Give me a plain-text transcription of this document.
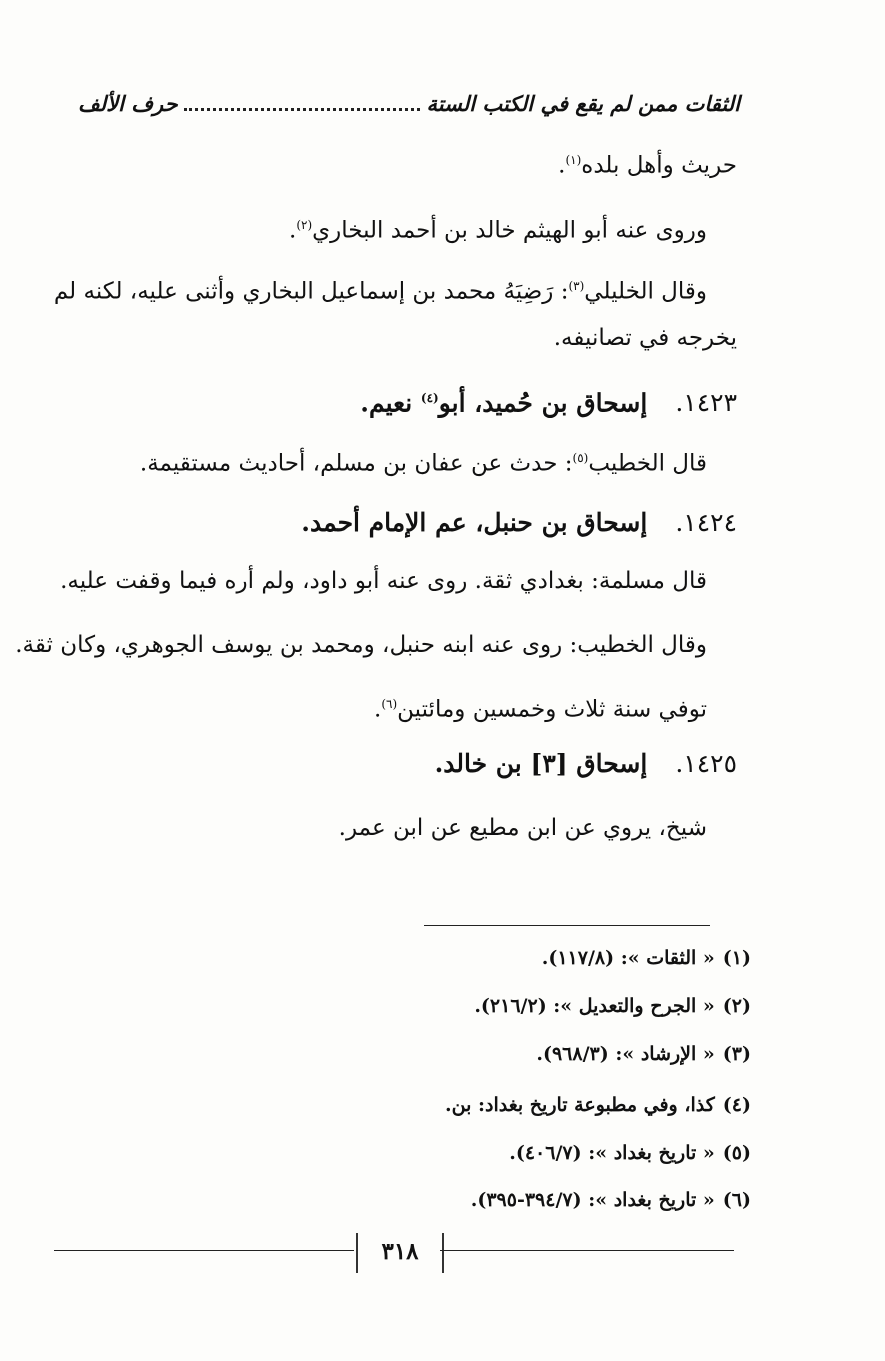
حرف الألف	الثقات ممن لم يقع في الكتب الستة
حريث وأهل بلده$^{(١)}$.
وروى عنه أبو الهيثم خالد بن أحمد البخاري$^{(٢)}$.
وقال الخليلي$^{(٣)}$: رَضِيَهُ محمد بن إسماعيل البخاري وأثنى عليه، لكنه لم
يخرجه في تصانيفه.
١٤٢٣.إسحاق بن حُميد، أبو$^{(٤)}$ نعيم.
قال الخطيب$^{(٥)}$: حدث عن عفان بن مسلم، أحاديث مستقيمة.
١٤٢٤.إسحاق بن حنبل، عم الإمام أحمد.
قال مسلمة: بغدادي ثقة. روى عنه أبو داود، ولم أره فيما وقفت عليه.
وقال الخطيب: روى عنه ابنه حنبل، ومحمد بن يوسف الجوهري، وكان ثقة.
توفي سنة ثلاث وخمسين ومائتين$^{(٦)}$.
١٤٢٥.إسحاق [٣] بن خالد.
شيخ، يروي عن ابن مطيع عن ابن عمر.
(١)« الثقات »: (١١٧/٨).
(٢)« الجرح والتعديل »: (٢١٦/٢).
(٣)« الإرشاد »: (٩٦٨/٣).
(٤)كذا، وفي مطبوعة تاريخ بغداد: بن.
(٥)« تاريخ بغداد »: (٤٠٦/٧).
(٦)« تاريخ بغداد »: (٣٩٤/٧-٣٩٥).
٣١٨
